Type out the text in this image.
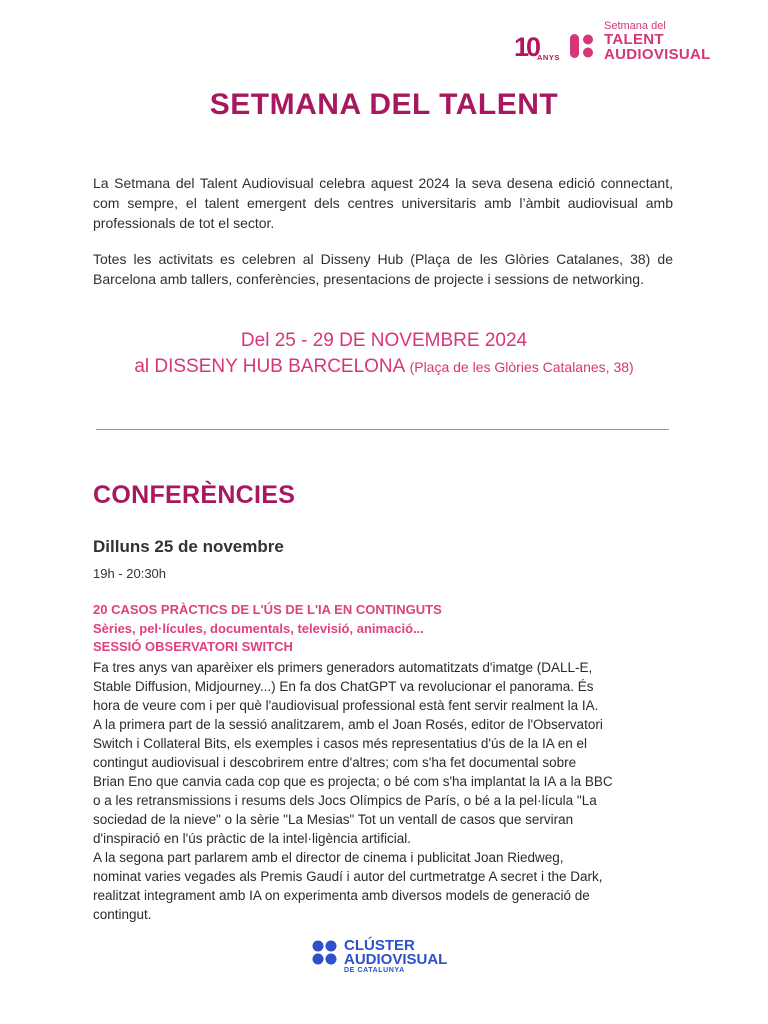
10
ANYS
Setmana del
TALENT
AUDIOVISUAL
SETMANA DEL TALENT

La Setmana del Talent Audiovisual celebra aquest 2024 la seva desena edició connectant, com sempre, el talent emergent dels centres universitaris amb l’àmbit audiovisual amb professionals de tot el sector.

Totes les activitats es celebren al Disseny Hub (Plaça de les Glòries Catalanes, 38) de Barcelona amb tallers, conferències, presentacions de projecte i sessions de networking.

Del 25 - 29 DE NOVEMBRE 2024

al DISSENY HUB BARCELONA (Plaça de les Glòries Catalanes, 38)

CONFERÈNCIES

Dilluns 25 de novembre

19h - 20:30h

20 CASOS PRÀCTICS DE L'ÚS DE L'IA EN CONTINGUTS
Sèries, pel·lícules, documentals, televisió, animació...
SESSIÓ OBSERVATORI SWITCH

Fa tres anys van aparèixer els primers generadors automatitzats d'imatge (DALL-E,
Stable Diffusion, Midjourney...) En fa dos ChatGPT va revolucionar el panorama. És
hora de veure com i per què l'audiovisual professional està fent servir realment la IA.
A la primera part de la sessió analitzarem, amb el Joan Rosés, editor de l'Observatori
Switch i Collateral Bits, els exemples i casos més representatius d'ús de la IA en el
contingut audiovisual i descobrirem entre d'altres; com s'ha fet documental sobre
Brian Eno que canvia cada cop que es projecta; o bé com s'ha implantat la IA a la BBC
o a les retransmissions i resums dels Jocs Olímpics de París, o bé a la pel·lícula "La
sociedad de la nieve" o la sèrie "La Mesias" Tot un ventall de casos que serviran
d'inspiració en l'ús pràctic de la intel·ligència artificial.
A la segona part parlarem amb el director de cinema i publicitat Joan Riedweg,
nominat varies vegades als Premis Gaudí i autor del curtmetratge A secret i the Dark,
realitzat integrament amb IA on experimenta amb diversos models de generació de
contingut.

CLÚSTER
AUDIOVISUAL
DE CATALUNYA
